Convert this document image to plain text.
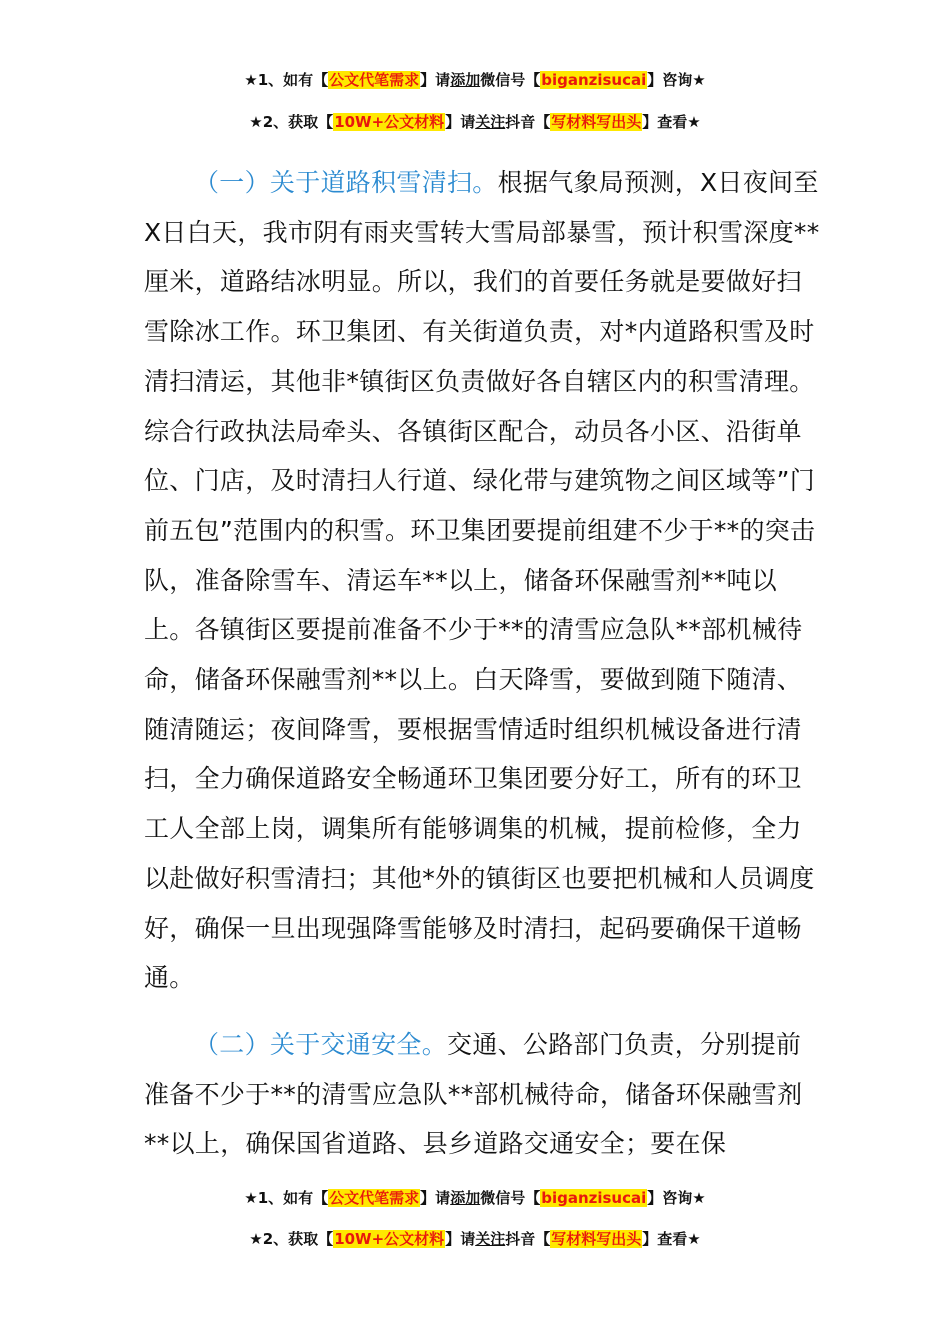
★1、如有【公文代笔需求】请添加微信号【biganzisucai】咨询★
★2、获取【10W+公文材料】请关注抖音【写材料写出头】查看★

（一）关于道路积雪清扫。根据气象局预测，X日夜间至X日白天，我市阴有雨夹雪转大雪局部暴雪，预计积雪深度**厘米，道路结冰明显。所以，我们的首要任务就是要做好扫雪除冰工作。环卫集团、有关街道负责，对*内道路积雪及时清扫清运，其他非*镇街区负责做好各自辖区内的积雪清理。综合行政执法局牵头、各镇街区配合，动员各小区、沿街单位、门店，及时清扫人行道、绿化带与建筑物之间区域等”门前五包”范围内的积雪。环卫集团要提前组建不少于**的突击队，准备除雪车、清运车**以上，储备环保融雪剂**吨以上。各镇街区要提前准备不少于**的清雪应急队**部机械待命，储备环保融雪剂**以上。白天降雪，要做到随下随清、随清随运；夜间降雪，要根据雪情适时组织机械设备进行清扫，全力确保道路安全畅通环卫集团要分好工，所有的环卫工人全部上岗，调集所有能够调集的机械，提前检修，全力以赴做好积雪清扫；其他*外的镇街区也要把机械和人员调度好，确保一旦出现强降雪能够及时清扫，起码要确保干道畅通。

（二）关于交通安全。交通、公路部门负责，分别提前准备不少于**的清雪应急队**部机械待命，储备环保融雪剂**以上，确保国省道路、县乡道路交通安全；要在保

★1、如有【公文代笔需求】请添加微信号【biganzisucai】咨询★
★2、获取【10W+公文材料】请关注抖音【写材料写出头】查看★
